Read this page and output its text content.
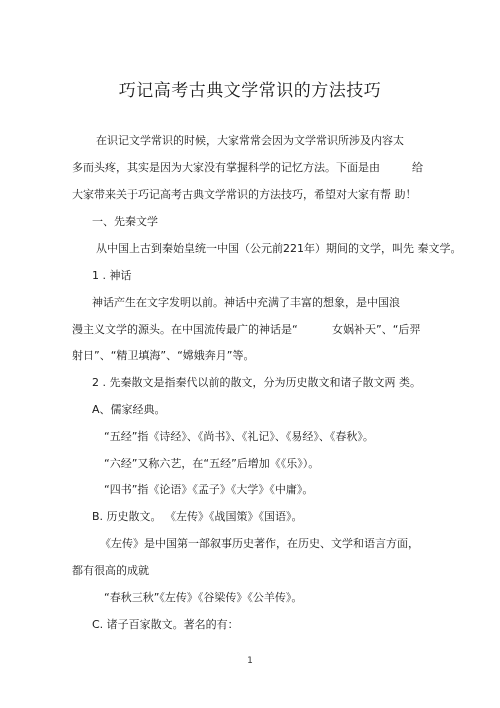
巧记高考古典文学常识的方法技巧
在识记文学常识的时候，大家常常会因为文学常识所涉及内容太
多而头疼，其实是因为大家没有掌握科学的记忆方法。下面是由	给
大家带来关于巧记高考古典文学常识的方法技巧，希望对大家有帮 助！
一、先秦文学
从中国上古到秦始皇统一中国（公元前221年）期间的文学，叫先 秦文学。
1 . 神话
神话产生在文字发明以前。神话中充满了丰富的想象，是中国浪
漫主义文学的源头。在中国流传最广的神话是“	女娲补天”、“后羿
射日”、“精卫填海”、“嫦娥奔月”等。
2 . 先秦散文是指秦代以前的散文，分为历史散文和诸子散文两 类。
A、儒家经典。
“五经”指《诗经》、《尚书》、《礼记》、《易经》、《春秋》。
“六经”又称六艺，在“五经”后增加《《乐》）。
“四书”指《论语》《孟子》《大学》《中庸》。
B. 历史散文。 《左传》《战国策》《国语》。
《左传》是中国第一部叙事历史著作，在历史、文学和语言方面，
都有很高的成就
“春秋三秋”《左传》《谷梁传》《公羊传》。
C. 诸子百家散文。著名的有：
1
